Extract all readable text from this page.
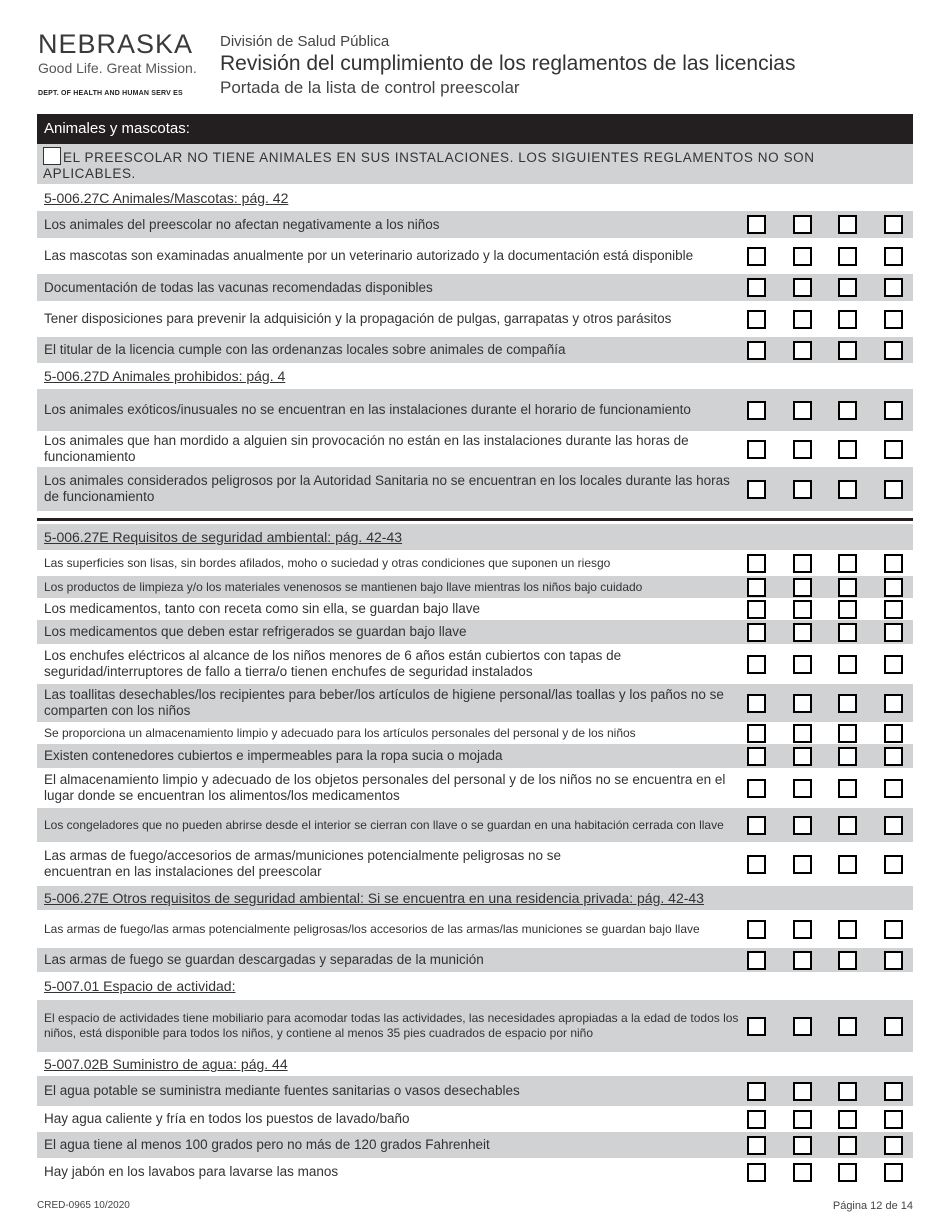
NEBRASKA
Good Life. Great Mission.
DEPT. OF HEALTH AND HUMAN SERV ES
División de Salud Pública
Revisión del cumplimiento de los reglamentos de las licencias
Portada de la lista de control preescolar
Animales y mascotas:	
EL PREESCOLAR NO TIENE ANIMALES EN SUS INSTALACIONES. LOS SIGUIENTES REGLAMENTOS NO SON APLICABLES.	
5-006.27C Animales/Mascotas: pág. 42	
Los animales del preescolar no afectan negativamente a los niños	

Las mascotas son examinadas anualmente por un veterinario autorizado y la documentación está disponible	

Documentación de todas las vacunas recomendadas disponibles	

Tener disposiciones para prevenir la adquisición y la propagación de pulgas, garrapatas y otros parásitos	

El titular de la licencia cumple con las ordenanzas locales sobre animales de compañía	

5-006.27D Animales prohibidos: pág. 4	
Los animales exóticos/inusuales no se encuentran en las instalaciones durante el horario de funcionamiento	

Los animales que han mordido a alguien sin provocación no están en las instalaciones durante las horas de funcionamiento	

Los animales considerados peligrosos por la Autoridad Sanitaria no se encuentran en los locales durante las horas de funcionamiento	
5-006.27E Requisitos de seguridad ambiental: pág. 42-43	
Las superficies son lisas, sin bordes afilados, moho o suciedad y otras condiciones que suponen un riesgo	

Los productos de limpieza y/o los materiales venenosos se mantienen bajo llave mientras los niños bajo cuidado	

Los medicamentos, tanto con receta como sin ella, se guardan bajo llave	

Los medicamentos que deben estar refrigerados se guardan bajo llave	

Los enchufes eléctricos al alcance de los niños menores de 6 años están cubiertos con tapas de seguridad/interruptores de fallo a tierra/o tienen enchufes de seguridad instalados	

Las toallitas desechables/los recipientes para beber/los artículos de higiene personal/las toallas y los paños no se comparten con los niños	

Se proporciona un almacenamiento limpio y adecuado para los artículos personales del personal y de los niños	

Existen contenedores cubiertos e impermeables para la ropa sucia o mojada	

El almacenamiento limpio y adecuado de los objetos personales del personal y de los niños no se encuentra en el lugar donde se encuentran los alimentos/los medicamentos	

Los congeladores que no pueden abrirse desde el interior se cierran con llave o se guardan en una habitación cerrada con llave	

Las armas de fuego/accesorios de armas/municiones potencialmente peligrosas no se encuentran en las instalaciones del preescolar	

5-006.27E Otros requisitos de seguridad ambiental: Si se encuentra en una residencia privada: pág. 42-43	
Las armas de fuego/las armas potencialmente peligrosas/los accesorios de las armas/las municiones se guardan bajo llave	

Las armas de fuego se guardan descargadas y separadas de la munición	

5-007.01 Espacio de actividad:	
El espacio de actividades tiene mobiliario para acomodar todas las actividades, las necesidades apropiadas a la edad de todos los niños, está disponible para todos los niños, y contiene al menos 35 pies cuadrados de espacio por niño	

5-007.02B Suministro de agua: pág. 44	
El agua potable se suministra mediante fuentes sanitarias o vasos desechables	

Hay agua caliente y fría en todos los puestos de lavado/baño	

El agua tiene al menos 100 grados pero no más de 120 grados Fahrenheit	

Hay jabón en los lavabos para lavarse las manos	
CRED-0965 10/2020	Página 12 de 14
